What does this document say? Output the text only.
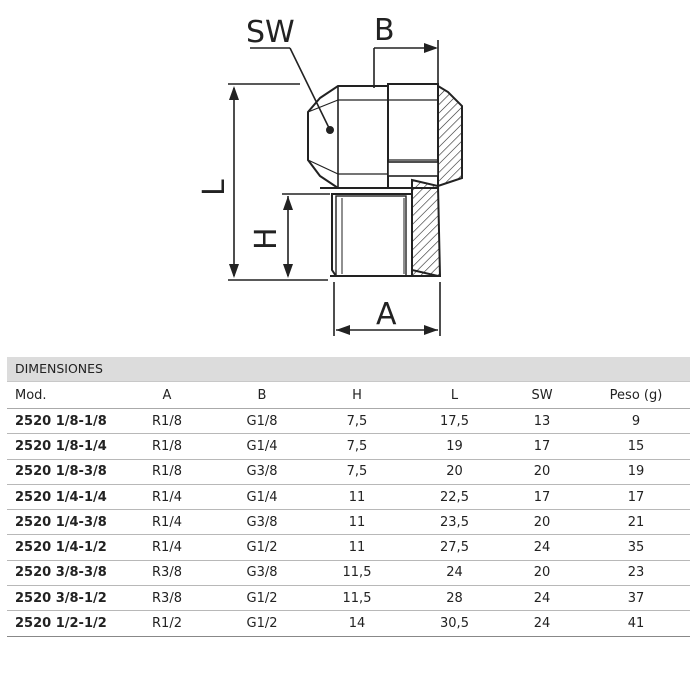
L
H
A
B
SW
DIMENSIONES
Mod.	A	B	H	L	SW	Peso (g)
2520 1/8-1/8	R1/8	G1/8	7,5	17,5	13	9
2520 1/8-1/4	R1/8	G1/4	7,5	19	17	15
2520 1/8-3/8	R1/8	G3/8	7,5	20	20	19
2520 1/4-1/4	R1/4	G1/4	11	22,5	17	17
2520 1/4-3/8	R1/4	G3/8	11	23,5	20	21
2520 1/4-1/2	R1/4	G1/2	11	27,5	24	35
2520 3/8-3/8	R3/8	G3/8	11,5	24	20	23
2520 3/8-1/2	R3/8	G1/2	11,5	28	24	37
2520 1/2-1/2	R1/2	G1/2	14	30,5	24	41
